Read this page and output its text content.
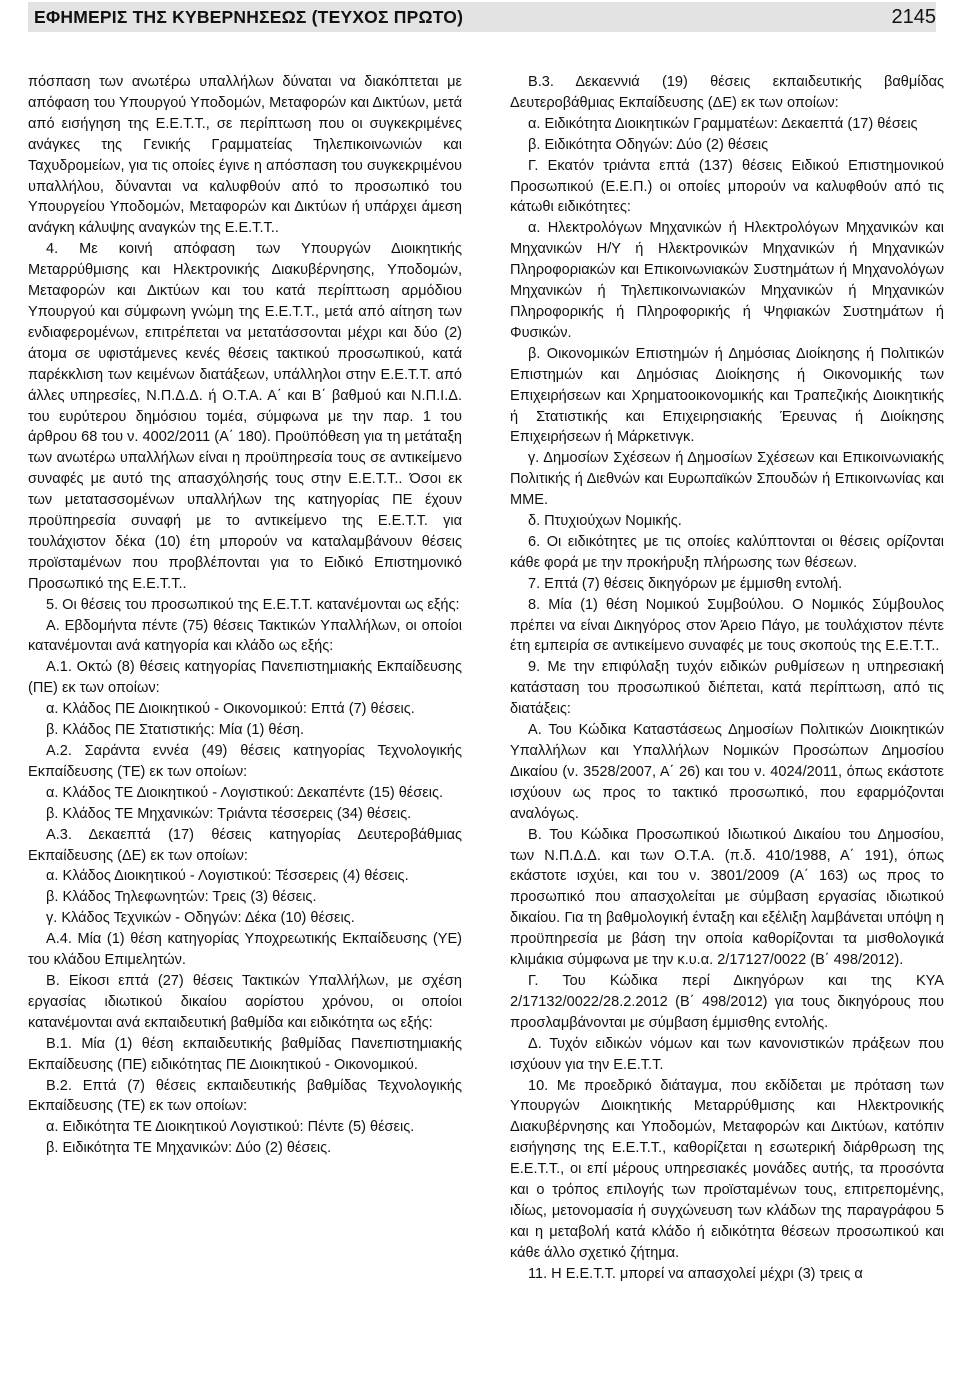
ΕΦΗΜΕΡΙΣ ΤΗΣ ΚΥΒΕΡΝΗΣΕΩΣ (ΤΕΥΧΟΣ ΠΡΩΤΟ)	2145

πόσπαση των ανωτέρω υπαλλήλων δύναται να διακόπτεται με απόφαση του Υπουργού Υποδομών, Μεταφορών και Δικτύων, μετά από εισήγηση της Ε.Ε.Τ.Τ., σε περίπτωση που οι συγκεκριμένες ανάγκες της Γενικής Γραμματείας Τηλεπικοινωνιών και Ταχυδρομείων, για τις οποίες έγινε η απόσπαση του συγκεκριμένου υπαλλήλου, δύνανται να καλυφθούν από το προσωπικό του Υπουργείου Υποδομών, Μεταφορών και Δικτύων ή υπάρχει άμεση ανάγκη κάλυψης αναγκών της Ε.Ε.Τ.Τ..

4. Με κοινή απόφαση των Υπουργών Διοικητικής Μεταρρύθμισης και Ηλεκτρονικής Διακυβέρνησης, Υποδομών, Μεταφορών και Δικτύων και του κατά περίπτωση αρμόδιου Υπουργού και σύμφωνη γνώμη της Ε.Ε.Τ.Τ., μετά από αίτηση των ενδιαφερομένων, επιτρέπεται να μετατάσσονται μέχρι και δύο (2) άτομα σε υφιστάμενες κενές θέσεις τακτικού προσωπικού, κατά παρέκκλιση των κειμένων διατάξεων, υπάλληλοι στην Ε.Ε.Τ.Τ. από άλλες υπηρεσίες, Ν.Π.Δ.Δ. ή Ο.Τ.Α. Α΄ και Β΄ βαθμού και Ν.Π.Ι.Δ. του ευρύτερου δημόσιου τομέα, σύμφωνα με την παρ. 1 του άρθρου 68 του ν. 4002/2011 (Α΄ 180). Προϋπόθεση για τη μετάταξη των ανωτέρω υπαλλήλων είναι η προϋπηρεσία τους σε αντικείμενο συναφές με αυτό της απασχόλησής τους στην Ε.Ε.Τ.Τ.. Όσοι εκ των μετατασσομένων υπαλλήλων της κατηγορίας ΠΕ έχουν προϋπηρεσία συναφή με το αντικείμενο της Ε.Ε.Τ.Τ. για τουλάχιστον δέκα (10) έτη μπορούν να καταλαμβάνουν θέσεις προϊσταμένων που προβλέπονται για το Ειδικό Επιστημονικό Προσωπικό της Ε.Ε.Τ.Τ..

5. Οι θέσεις του προσωπικού της Ε.Ε.Τ.Τ. κατανέμονται ως εξής:

Α. Εβδομήντα πέντε (75) θέσεις Τακτικών Υπαλλήλων, οι οποίοι κατανέμονται ανά κατηγορία και κλάδο ως εξής:

Α.1. Οκτώ (8) θέσεις κατηγορίας Πανεπιστημιακής Εκπαίδευσης (ΠΕ) εκ των οποίων:

α. Κλάδος ΠΕ Διοικητικού - Οικονομικού: Επτά (7) θέσεις.

β. Κλάδος ΠΕ Στατιστικής: Μία (1) θέση.

Α.2. Σαράντα εννέα (49) θέσεις κατηγορίας Τεχνολογικής Εκπαίδευσης (ΤΕ) εκ των οποίων:

α. Κλάδος ΤΕ Διοικητικού - Λογιστικού: Δεκαπέντε (15) θέσεις.

β. Κλάδος ΤΕ Μηχανικών: Τριάντα τέσσερεις (34) θέσεις.

Α.3. Δεκαεπτά (17) θέσεις κατηγορίας Δευτεροβάθμιας Εκπαίδευσης (ΔΕ) εκ των οποίων:

α. Κλάδος Διοικητικού - Λογιστικού: Τέσσερεις (4) θέσεις.

β. Κλάδος Τηλεφωνητών: Τρεις (3) θέσεις.

γ. Κλάδος Τεχνικών - Οδηγών: Δέκα (10) θέσεις.

Α.4. Μία (1) θέση κατηγορίας Υποχρεωτικής Εκπαίδευσης (ΥΕ) του κλάδου Επιμελητών.

Β. Είκοσι επτά (27) θέσεις Τακτικών Υπαλλήλων, με σχέση εργασίας ιδιωτικού δικαίου αορίστου χρόνου, οι οποίοι κατανέμονται ανά εκπαιδευτική βαθμίδα και ειδικότητα ως εξής:

Β.1. Μία (1) θέση εκπαιδευτικής βαθμίδας Πανεπιστημιακής Εκπαίδευσης (ΠΕ) ειδικότητας ΠΕ Διοικητικού - Οικονομικού.

Β.2. Επτά (7) θέσεις εκπαιδευτικής βαθμίδας Τεχνολογικής Εκπαίδευσης (ΤΕ) εκ των οποίων:

α. Ειδικότητα ΤΕ Διοικητικού Λογιστικού: Πέντε (5) θέσεις.

β. Ειδικότητα ΤΕ Μηχανικών: Δύο (2) θέσεις.

Β.3. Δεκαεννιά (19) θέσεις εκπαιδευτικής βαθμίδας Δευτεροβάθμιας Εκπαίδευσης (ΔΕ) εκ των οποίων:

α. Ειδικότητα Διοικητικών Γραμματέων: Δεκαεπτά (17) θέσεις

β. Ειδικότητα Οδηγών: Δύο (2) θέσεις

Γ. Εκατόν τριάντα επτά (137) θέσεις Ειδικού Επιστημονικού Προσωπικού (Ε.Ε.Π.) οι οποίες μπορούν να καλυφθούν από τις κάτωθι ειδικότητες:

α. Ηλεκτρολόγων Μηχανικών ή Ηλεκτρολόγων Μηχανικών και Μηχανικών Η/Υ ή Ηλεκτρονικών Μηχανικών ή Μηχανικών Πληροφοριακών και Επικοινωνιακών Συστημάτων ή Μηχανολόγων Μηχανικών ή Τηλεπικοινωνιακών Μηχανικών ή Μηχανικών Πληροφορικής ή Πληροφορικής ή Ψηφιακών Συστημάτων ή Φυσικών.

β. Οικονομικών Επιστημών ή Δημόσιας Διοίκησης ή Πολιτικών Επιστημών και Δημόσιας Διοίκησης ή Οικονομικής των Επιχειρήσεων και Χρηματοοικονομικής και Τραπεζικής Διοικητικής ή Στατιστικής και Επιχειρησιακής Έρευνας ή Διοίκησης Επιχειρήσεων ή Μάρκετινγκ.

γ. Δημοσίων Σχέσεων ή Δημοσίων Σχέσεων και Επικοινωνιακής Πολιτικής ή Διεθνών και Ευρωπαϊκών Σπουδών ή Επικοινωνίας και ΜΜΕ.

δ. Πτυχιούχων Νομικής.

6. Οι ειδικότητες με τις οποίες καλύπτονται οι θέσεις ορίζονται κάθε φορά με την προκήρυξη πλήρωσης των θέσεων.

7. Επτά (7) θέσεις δικηγόρων με έμμισθη εντολή.

8. Μία (1) θέση Νομικού Συμβούλου. Ο Νομικός Σύμβουλος πρέπει να είναι Δικηγόρος στον Άρειο Πάγο, με τουλάχιστον πέντε έτη εμπειρία σε αντικείμενο συναφές με τους σκοπούς της Ε.Ε.Τ.Τ..

9. Με την επιφύλαξη τυχόν ειδικών ρυθμίσεων η υπηρεσιακή κατάσταση του προσωπικού διέπεται, κατά περίπτωση, από τις διατάξεις:

Α. Του Κώδικα Καταστάσεως Δημοσίων Πολιτικών Διοικητικών Υπαλλήλων και Υπαλλήλων Νομικών Προσώπων Δημοσίου Δικαίου (ν. 3528/2007, Α΄ 26) και του ν. 4024/2011, όπως εκάστοτε ισχύουν ως προς το τακτικό προσωπικό, που εφαρμόζονται αναλόγως.

Β. Του Κώδικα Προσωπικού Ιδιωτικού Δικαίου του Δημοσίου, των Ν.Π.Δ.Δ. και των Ο.Τ.Α. (π.δ. 410/1988, Α΄ 191), όπως εκάστοτε ισχύει, και του ν. 3801/2009 (Α΄ 163) ως προς το προσωπικό που απασχολείται με σύμβαση εργασίας ιδιωτικού δικαίου. Για τη βαθμολογική ένταξη και εξέλιξη λαμβάνεται υπόψη η προϋπηρεσία με βάση την οποία καθορίζονται τα μισθολογικά κλιμάκια σύμφωνα με την κ.υ.α. 2/17127/0022 (Β΄ 498/2012).

Γ. Του Κώδικα περί Δικηγόρων και της ΚΥΑ 2/17132/0022/28.2.2012 (Β΄ 498/2012) για τους δικηγόρους που προσλαμβάνονται με σύμβαση έμμισθης εντολής.

Δ. Τυχόν ειδικών νόμων και των κανονιστικών πράξεων που ισχύουν για την Ε.Ε.Τ.Τ.

10. Με προεδρικό διάταγμα, που εκδίδεται με πρόταση των Υπουργών Διοικητικής Μεταρρύθμισης και Ηλεκτρονικής Διακυβέρνησης και Υποδομών, Μεταφορών και Δικτύων, κατόπιν εισήγησης της Ε.Ε.Τ.Τ., καθορίζεται η εσωτερική διάρθρωση της Ε.Ε.Τ.Τ., οι επί μέρους υπηρεσιακές μονάδες αυτής, τα προσόντα και ο τρόπος επιλογής των προϊσταμένων τους, επιτρεπομένης, ιδίως, μετονομασία ή συγχώνευση των κλάδων της παραγράφου 5 και η μεταβολή κατά κλάδο ή ειδικότητα θέσεων προσωπικού και κάθε άλλο σχετικό ζήτημα.

11. Η Ε.Ε.Τ.Τ. μπορεί να απασχολεί μέχρι (3) τρεις α
